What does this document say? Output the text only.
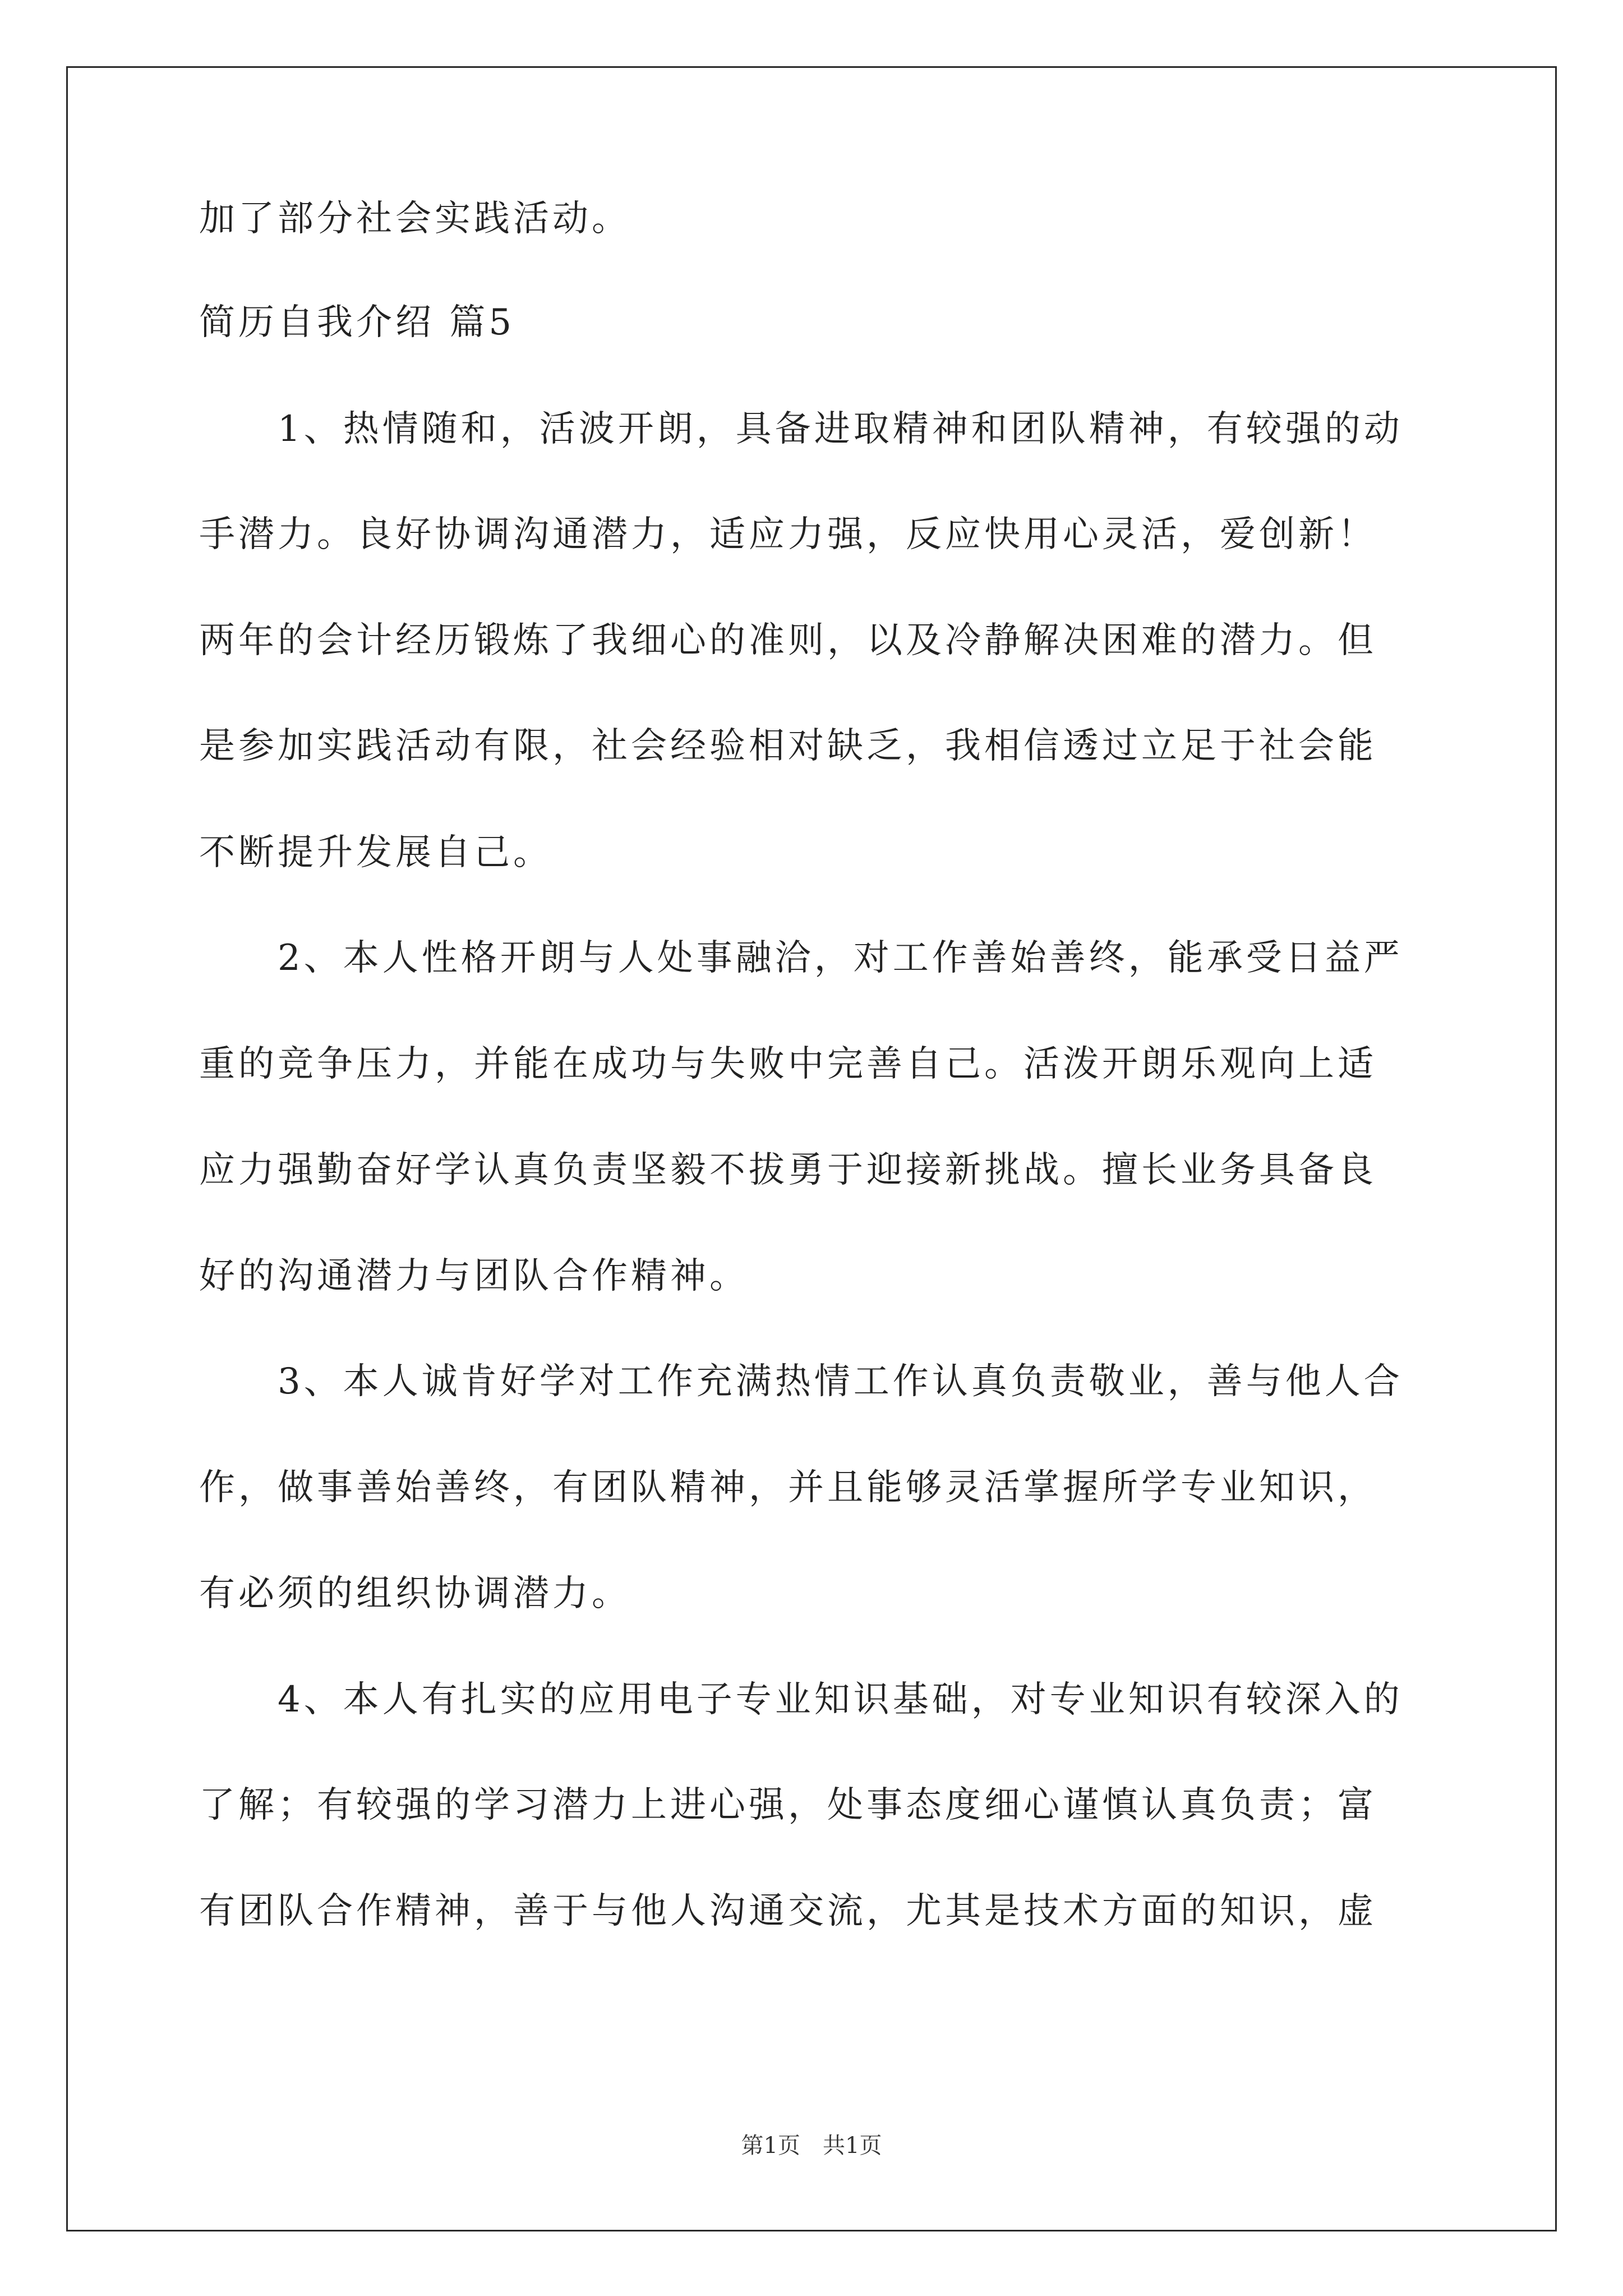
加了部分社会实践活动。
简历自我介绍 篇5
1、热情随和，活波开朗，具备进取精神和团队精神，有较强的动
手潜力。良好协调沟通潜力，适应力强，反应快用心灵活，爱创新！
两年的会计经历锻炼了我细心的准则，以及冷静解决困难的潜力。但
是参加实践活动有限，社会经验相对缺乏，我相信透过立足于社会能
不断提升发展自己。
2、本人性格开朗与人处事融洽，对工作善始善终，能承受日益严
重的竞争压力，并能在成功与失败中完善自己。活泼开朗乐观向上适
应力强勤奋好学认真负责坚毅不拔勇于迎接新挑战。擅长业务具备良
好的沟通潜力与团队合作精神。
3、本人诚肯好学对工作充满热情工作认真负责敬业，善与他人合
作，做事善始善终，有团队精神，并且能够灵活掌握所学专业知识，
有必须的组织协调潜力。
4、本人有扎实的应用电子专业知识基础，对专业知识有较深入的
了解；有较强的学习潜力上进心强，处事态度细心谨慎认真负责；富
有团队合作精神，善于与他人沟通交流，尤其是技术方面的知识，虚
第1页　共1页
